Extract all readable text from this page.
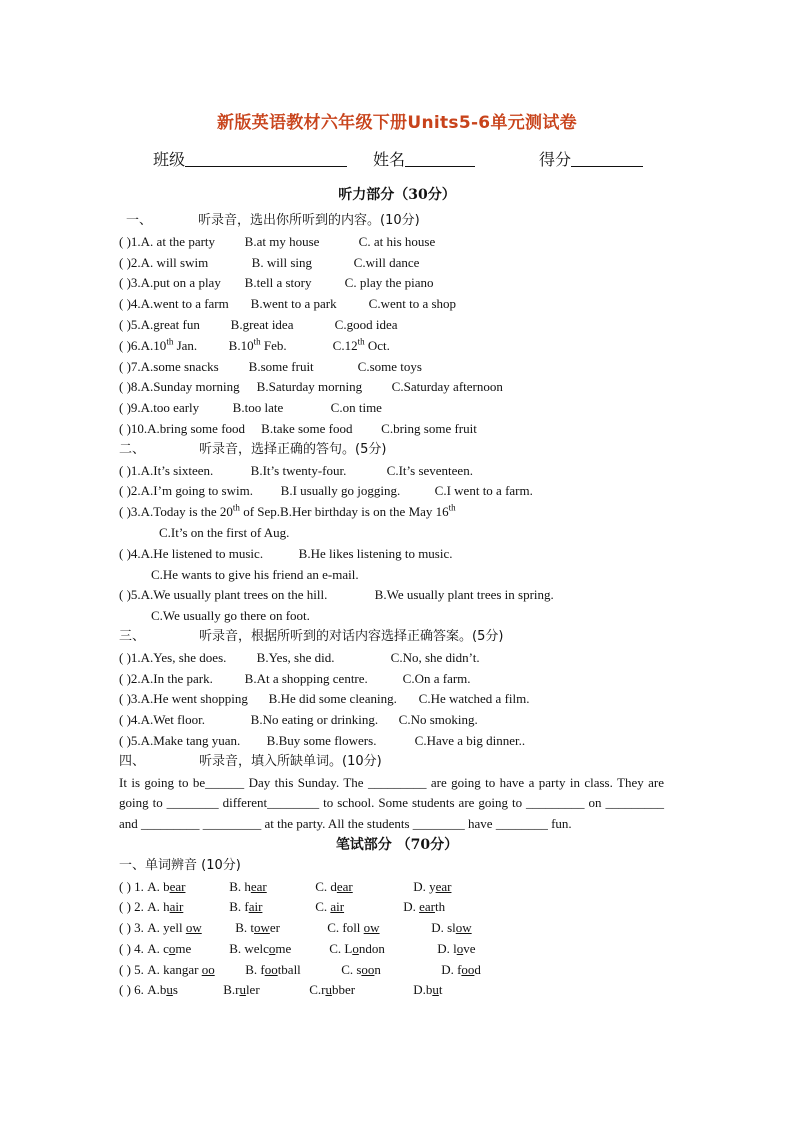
新版英语教材六年级下册Units5-6单元测试卷
班级	姓名	得分
听力部分（30分）
一、	听录音，选出你所听到的内容。(10分)
( )1.A. at the party B.at my house	C. at his house
( )2.A. will swim	B. will sing	C.will dance
( )3.A.put on a play B.tell a story	C. play the piano
( )4.A.went to a farm B.went to a park C.went to a shop
( )5.A.great fun B.great idea	C.good idea
( )6.A.10th Jan. B.10th Feb.	C.12th Oct.
( )7.A.some snacks B.some fruit	C.some toys
( )8.A.Sunday morning B.Saturday morning C.Saturday afternoon
( )9.A.too early	B.too late	C.on time
( )10.A.bring some food B.take some food C.bring some fruit
二、	听录音，选择正确的答句。(5分)
( )1.A.It’s sixteen.	B.It’s twenty-four.	C.It’s seventeen.
( )2.A.I’m going to swim. B.I usually go jogging.	C.I went to a farm.
( )3.A.Today is the 20th of Sep.B.Her birthday is on the May 16th
C.It’s on the first of Aug.
( )4.A.He listened to music.	B.He likes listening to music.
C.He wants to give his friend an e-mail.
( )5.A.We usually plant trees on the hill.	B.We usually plant trees in spring.
C.We usually go there on foot.
三、	听录音，根据所听到的对话内容选择正确答案。(5分)
( )1.A.Yes, she does. B.Yes, she did.	C.No, she didn’t.
( )2.A.In the park. B.At a shopping centre.	C.On a farm.
( )3.A.He went shopping B.He did some cleaning. C.He watched a film.
( )4.A.Wet floor.	B.No eating or drinking. C.No smoking.
( )5.A.Make tang yuan. B.Buy some flowers.	C.Have a big dinner..
四、	听录音，填入所缺单词。(10分)
It is going to be______ Day this Sunday. The _________ are going to have a party in class. They are going to ________ different________ to school. Some students are going to _________ on _________ and _________ _________ at the party. All the students ________ have ________ fun.
笔试部分 （70分）
一、单词辨音 (10分)
( ) 1. A. bear	B. hear	C. dear	D. year
( ) 2. A. hair	B. fair	C. air	D. earth
( ) 3. A. yell ow	B. tower	C. foll ow	D. slow
( ) 4. A. come	B. welcome	C. London	D. love
( ) 5. A. kangar oo B. football	C. soon	D. food
( ) 6. A.bus	B.ruler	C.rubber	D.but
